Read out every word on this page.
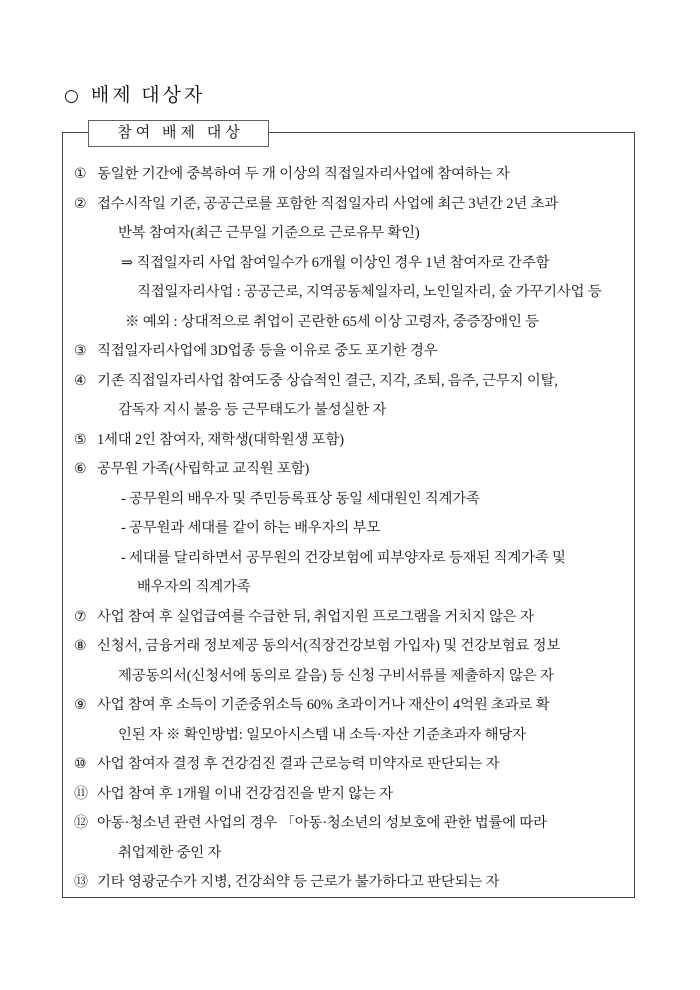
○ 배제 대상자
참여 배제 대상
① 동일한 기간에 중복하여 두 개 이상의 직접일자리사업에 참여하는 자
② 접수시작일 기준, 공공근로를 포함한 직접일자리 사업에 최근 3년간 2년 초과
반복 참여자(최근 근무일 기준으로 근로유무 확인)
⇒ 직접일자리 사업 참여일수가 6개월 이상인 경우 1년 참여자로 간주함
직접일자리사업 : 공공근로, 지역공동체일자리, 노인일자리, 숲 가꾸기사업 등
※ 예외 : 상대적으로 취업이 곤란한 65세 이상 고령자, 중증장애인 등
③ 직접일자리사업에 3D업종 등을 이유로 중도 포기한 경우
④ 기존 직접일자리사업 참여도중 상습적인 결근, 지각, 조퇴, 음주, 근무지 이탈,
감독자 지시 불응 등 근무태도가 불성실한 자
⑤ 1세대 2인 참여자, 재학생(대학원생 포함)
⑥ 공무원 가족(사립학교 교직원 포함)
- 공무원의 배우자 및 주민등록표상 동일 세대원인 직계가족
- 공무원과 세대를 같이 하는 배우자의 부모
- 세대를 달리하면서 공무원의 건강보험에 피부양자로 등재된 직계가족 및
배우자의 직계가족
⑦ 사업 참여 후 실업급여를 수급한 뒤, 취업지원 프로그램을 거치지 않은 자
⑧ 신청서, 금융거래 정보제공 동의서(직장건강보험 가입자) 및 건강보험료 정보
제공동의서(신청서에 동의로 갈음) 등 신청 구비서류를 제출하지 않은 자
⑨ 사업 참여 후 소득이 기준중위소득 60% 초과이거나 재산이 4억원 초과로 확
인된 자 ※ 확인방법: 일모아시스템 내 소득·자산 기준초과자 해당자
⑩ 사업 참여자 결정 후 건강검진 결과 근로능력 미약자로 판단되는 자
⑪ 사업 참여 후 1개월 이내 건강검진을 받지 않는 자
⑫ 아동·청소년 관련 사업의 경우 「아동·청소년의 성보호에 관한 법률에 따라
취업제한 중인 자
⑬ 기타 영광군수가 지병, 건강쇠약 등 근로가 불가하다고 판단되는 자
